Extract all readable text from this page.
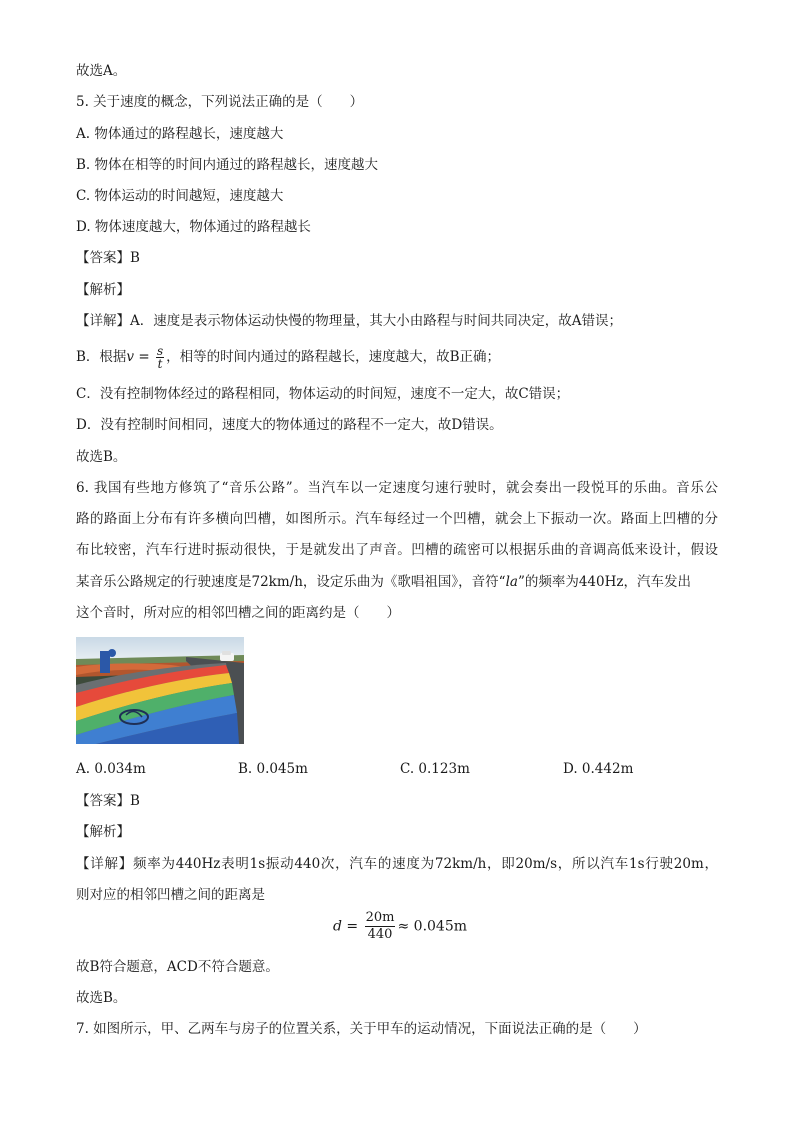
故选A。
5. 关于速度的概念，下列说法正确的是（　　）
A. 物体通过的路程越长，速度越大
B. 物体在相等的时间内通过的路程越长，速度越大
C. 物体运动的时间越短，速度越大
D. 物体速度越大，物体通过的路程越长
【答案】B
【解析】
【详解】A．速度是表示物体运动快慢的物理量，其大小由路程与时间共同决定，故A错误；
B．根据$v = \frac{s}{t}$ ，相等的时间内通过的路程越长，速度越大，故B正确；
C．没有控制物体经过的路程相同，物体运动的时间短，速度不一定大，故C错误；
D．没有控制时间相同，速度大的物体通过的路程不一定大，故D错误。
故选B。
6. 我国有些地方修筑了“音乐公路”。当汽车以一定速度匀速行驶时，就会奏出一段悦耳的乐曲。音乐公
路的路面上分布有许多横向凹槽，如图所示。汽车每经过一个凹槽，就会上下振动一次。路面上凹槽的分
布比较密，汽车行进时振动很快，于是就发出了声音。凹槽的疏密可以根据乐曲的音调高低来设计，假设
某音乐公路规定的行驶速度是72km/h，设定乐曲为《歌唱祖国》，音符“la”的频率为440Hz，汽车发出
这个音时，所对应的相邻凹槽之间的距离约是（　　）
A. 0.034m	B. 0.045m	C. 0.123m	D. 0.442m
【答案】B
【解析】
【详解】频率为440Hz表明1s振动440次，汽车的速度为72km/h，即20m/s，所以汽车1s行驶20m，
则对应的相邻凹槽之间的距离是
$d = \frac{20m}{440} \approx 0.045m$
故B符合题意，ACD不符合题意。
故选B。
7. 如图所示，甲、乙两车与房子的位置关系，关于甲车的运动情况，下面说法正确的是（　　）
